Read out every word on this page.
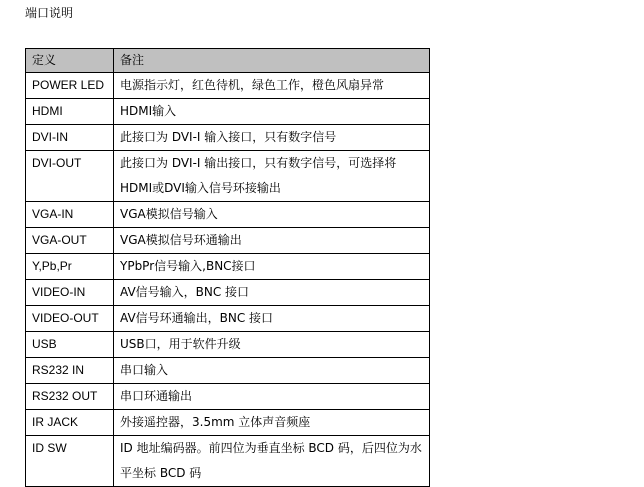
端口说明
定义	备注
POWER LED	电源指示灯，红色待机，绿色工作，橙色风扇异常
HDMI	HDMI输入
DVI-IN	此接口为 DVI-I 输入接口，只有数字信号
DVI-OUT	此接口为 DVI-I 输出接口，只有数字信号，可选择将HDMI或DVI输入信号环接输出
VGA-IN	VGA模拟信号输入
VGA-OUT	VGA模拟信号环通输出
Y,Pb,Pr	YPbPr信号输入,BNC接口
VIDEO-IN	AV信号输入，BNC 接口
VIDEO-OUT	AV信号环通输出，BNC 接口
USB	USB口，用于软件升级
RS232 IN	串口输入
RS232 OUT	串口环通输出
IR JACK	外接遥控器，3.5mm 立体声音频座
ID SW	ID 地址编码器。前四位为垂直坐标 BCD 码，后四位为水平坐标 BCD 码
